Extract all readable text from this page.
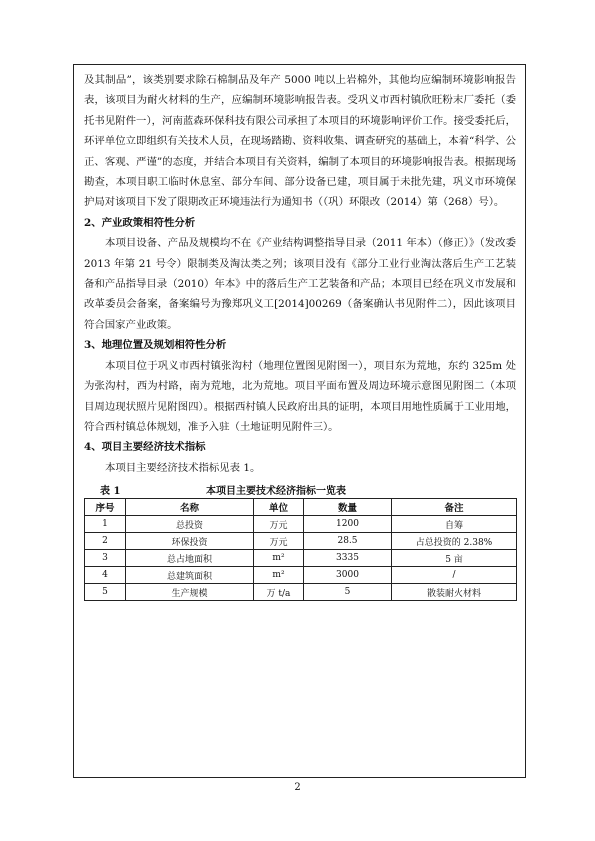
及其制品”，该类别要求除石棉制品及年产 5000 吨以上岩棉外，其他均应编制环境影响报告表，该项目为耐火材料的生产，应编制环境影响报告表。受巩义市西村镇欣旺粉末厂委托（委托书见附件一），河南蓝森环保科技有限公司承担了本项目的环境影响评价工作。接受委托后，环评单位立即组织有关技术人员，在现场踏勘、资料收集、调查研究的基础上，本着“科学、公正、客观、严谨”的态度，并结合本项目有关资料，编制了本项目的环境影响报告表。根据现场勘查，本项目职工临时休息室、部分车间、部分设备已建，项目属于未批先建，巩义市环境保护局对该项目下发了限期改正环境违法行为通知书（（巩）环限改（2014）第（268）号）。

2、产业政策相符性分析

本项目设备、产品及规模均不在《产业结构调整指导目录（2011 年本）（修正）》（发改委 2013 年第 21 号令）限制类及淘汰类之列；该项目没有《部分工业行业淘汰落后生产工艺装备和产品指导目录（2010）年本》中的落后生产工艺装备和产品；本项目已经在巩义市发展和改革委员会备案，备案编号为豫郑巩义工[2014]00269（备案确认书见附件二），因此该项目符合国家产业政策。

3、地理位置及规划相符性分析

本项目位于巩义市西村镇张沟村（地理位置图见附图一），项目东为荒地，东约 325m 处为张沟村，西为村路，南为荒地，北为荒地。项目平面布置及周边环境示意图见附图二（本项目周边现状照片见附图四）。根据西村镇人民政府出具的证明，本项目用地性质属于工业用地，符合西村镇总体规划，准予入驻（土地证明见附件三）。

4、项目主要经济技术指标

本项目主要经济技术指标见表 1。

表 1	本项目主要技术经济指标一览表
序号	名称	单位	数量	备注
1	总投资	万元	1200	自筹
2	环保投资	万元	28.5	占总投资的 2.38%
3	总占地面积	m²	3335	5 亩
4	总建筑面积	m²	3000	/
5	生产规模	万 t/a	5	散装耐火材料
2
